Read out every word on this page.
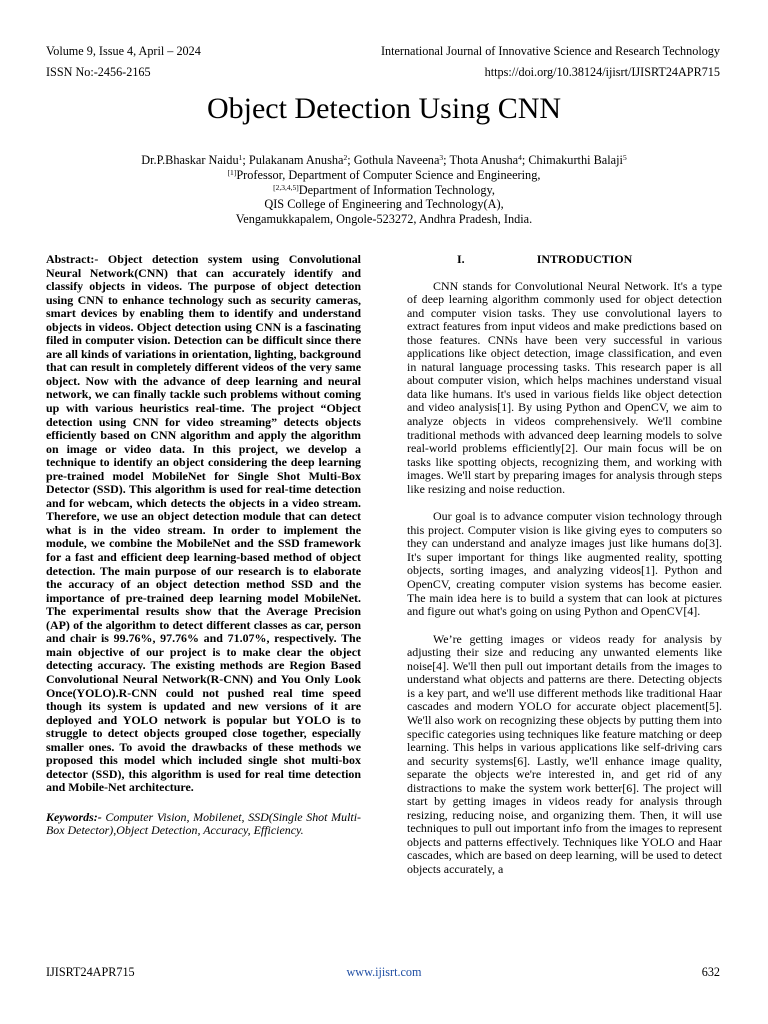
Volume 9, Issue 4, April – 2024	International Journal of Innovative Science and Research Technology
ISSN No:-2456-2165	https://doi.org/10.38124/ijisrt/IJISRT24APR715
Object Detection Using CNN
Dr.P.Bhaskar Naidu$^1$; Pulakanam Anusha$^2$; Gothula Naveena$^3$; Thota Anusha$^4$; Chimakurthi Balaji$^5$
[1]Professor, Department of Computer Science and Engineering,
[2,3,4,5]Department of Information Technology,
QIS College of Engineering and Technology(A),
Vengamukkapalem, Ongole-523272, Andhra Pradesh, India.
Abstract:- Object detection system using Convolutional Neural Network(CNN) that can accurately identify and classify objects in videos. The purpose of object detection using CNN to enhance technology such as security cameras, smart devices by enabling them to identify and understand objects in videos. Object detection using CNN is a fascinating filed in computer vision. Detection can be difficult since there are all kinds of variations in orientation, lighting, background that can result in completely different videos of the very same object. Now with the advance of deep learning and neural network, we can finally tackle such problems without coming up with various heuristics real-time. The project “Object detection using CNN for video streaming” detects objects efficiently based on CNN algorithm and apply the algorithm on image or video data. In this project, we develop a technique to identify an object considering the deep learning pre-trained model MobileNet for Single Shot Multi-Box Detector (SSD). This algorithm is used for real-time detection and for webcam, which detects the objects in a video stream. Therefore, we use an object detection module that can detect what is in the video stream. In order to implement the module, we combine the MobileNet and the SSD framework for a fast and efficient deep learning-based method of object detection. The main purpose of our research is to elaborate the accuracy of an object detection method SSD and the importance of pre-trained deep learning model MobileNet. The experimental results show that the Average Precision (AP) of the algorithm to detect different classes as car, person and chair is 99.76%, 97.76% and 71.07%, respectively. The main objective of our project is to make clear the object detecting accuracy. The existing methods are Region Based Convolutional Neural Network(R-CNN) and You Only Look Once(YOLO).R-CNN could not pushed real time speed though its system is updated and new versions of it are deployed and YOLO network is popular but YOLO is to struggle to detect objects grouped close together, especially smaller ones. To avoid the drawbacks of these methods we proposed this model which included single shot multi-box detector (SSD), this algorithm is used for real time detection and Mobile-Net architecture.
Keywords:- Computer Vision, Mobilenet, SSD(Single Shot Multi-Box Detector),Object Detection, Accuracy, Efficiency.
I.	INTRODUCTION

CNN stands for Convolutional Neural Network. It's a type of deep learning algorithm commonly used for object detection and computer vision tasks. They use convolutional layers to extract features from input videos and make predictions based on those features. CNNs have been very successful in various applications like object detection, image classification, and even in natural language processing tasks. This research paper is all about computer vision, which helps machines understand visual data like humans. It's used in various fields like object detection and video analysis[1]. By using Python and OpenCV, we aim to analyze objects in videos comprehensively. We'll combine traditional methods with advanced deep learning models to solve real-world problems efficiently[2]. Our main focus will be on tasks like spotting objects, recognizing them, and working with images. We'll start by preparing images for analysis through steps like resizing and noise reduction.

Our goal is to advance computer vision technology through this project. Computer vision is like giving eyes to computers so they can understand and analyze images just like humans do[3]. It's super important for things like augmented reality, spotting objects, sorting images, and analyzing videos[1]. Python and OpenCV, creating computer vision systems has become easier. The main idea here is to build a system that can look at pictures and figure out what's going on using Python and OpenCV[4].

We’re getting images or videos ready for analysis by adjusting their size and reducing any unwanted elements like noise[4]. We'll then pull out important details from the images to understand what objects and patterns are there. Detecting objects is a key part, and we'll use different methods like traditional Haar cascades and modern YOLO for accurate object placement[5]. We'll also work on recognizing these objects by putting them into specific categories using techniques like feature matching or deep learning. This helps in various applications like self-driving cars and security systems[6]. Lastly, we'll enhance image quality, separate the objects we're interested in, and get rid of any distractions to make the system work better[6]. The project will start by getting images in videos ready for analysis through resizing, reducing noise, and organizing them. Then, it will use techniques to pull out important info from the images to represent objects and patterns effectively. Techniques like YOLO and Haar cascades, which are based on deep learning, will be used to detect objects accurately, a

IJISRT24APR715	www.ijisrt.com	632
